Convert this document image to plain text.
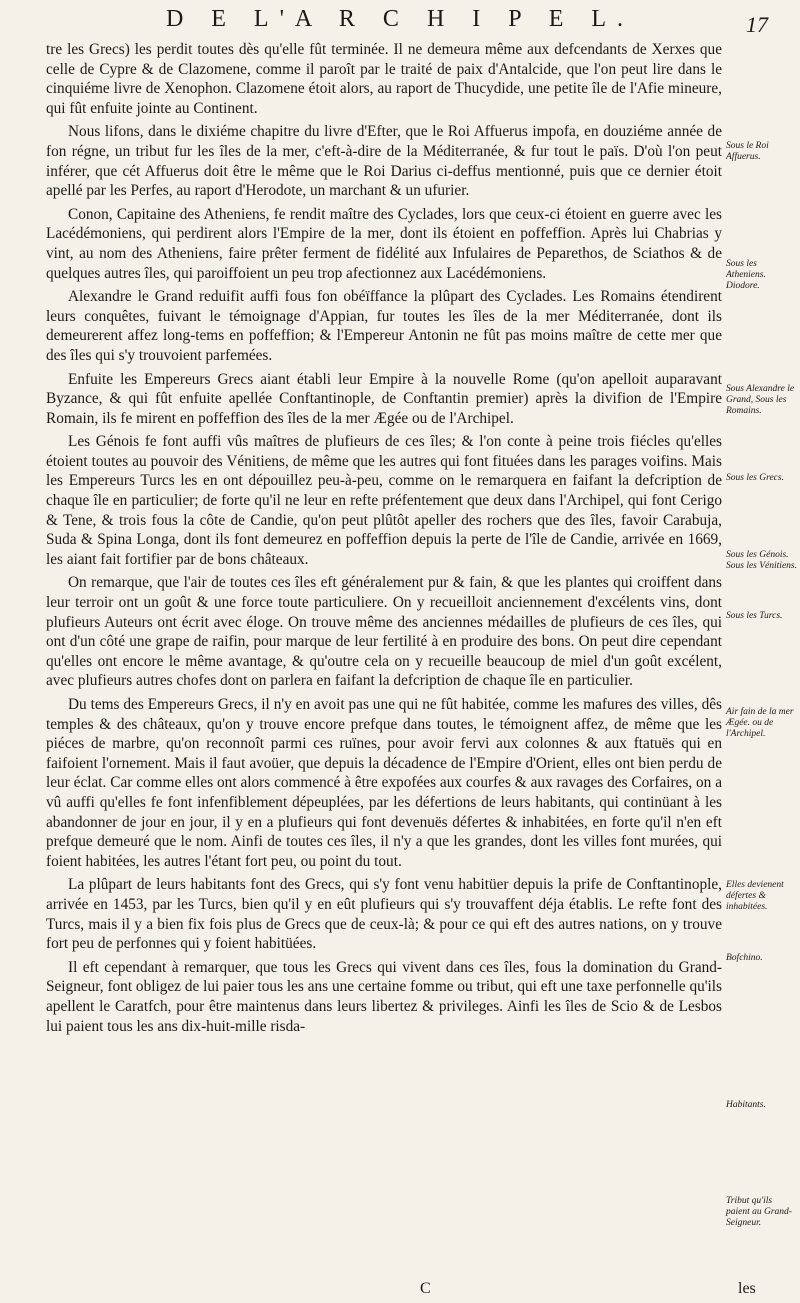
D E L'A R C H I P E L.	17

tre les Grecs) les perdit toutes dès qu'elle fût terminée. Il ne demeura même aux defcendants de Xerxes que celle de Cypre & de Clazomene, comme il paroît par le traité de paix d'Antalcide, que l'on peut lire dans le cinquiéme livre de Xenophon. Clazomene étoit alors, au raport de Thucydide, une petite île de l'Afie mineure, qui fût enfuite jointe au Continent.

Nous lifons, dans le dixiéme chapitre du livre d'Efter, que le Roi Affuerus impofa, en douziéme année de fon régne, un tribut fur les îles de la mer, c'eft-à-dire de la Méditerranée, & fur tout le païs. D'où l'on peut inférer, que cét Affuerus doit être le même que le Roi Darius ci-deffus mentionné, puis que ce dernier étoit apellé par les Perfes, au raport d'Herodote, un marchant & un ufurier.

Conon, Capitaine des Atheniens, fe rendit maître des Cyclades, lors que ceux-ci étoient en guerre avec les Lacédémoniens, qui perdirent alors l'Empire de la mer, dont ils étoient en poffeffion. Après lui Chabrias y vint, au nom des Atheniens, faire prêter ferment de fidélité aux Infulaires de Peparethos, de Sciathos & de quelques autres îles, qui paroiffoient un peu trop afectionnez aux Lacédémoniens.

Alexandre le Grand reduifit auffi fous fon obéïffance la plûpart des Cyclades. Les Romains étendirent leurs conquêtes, fuivant le témoignage d'Appian, fur toutes les îles de la mer Méditerranée, dont ils demeurerent affez long-tems en poffeffion; & l'Empereur Antonin ne fût pas moins maître de cette mer que des îles qui s'y trouvoient parfemées.

Enfuite les Empereurs Grecs aiant établi leur Empire à la nouvelle Rome (qu'on apelloit auparavant Byzance, & qui fût enfuite apellée Conftantinople, de Conftantin premier) après la divifion de l'Empire Romain, ils fe mirent en poffeffion des îles de la mer Ægée ou de l'Archipel.

Les Génois fe font auffi vûs maîtres de plufieurs de ces îles; & l'on conte à peine trois fiécles qu'elles étoient toutes au pouvoir des Vénitiens, de même que les autres qui font fituées dans les parages voifins. Mais les Empereurs Turcs les en ont dépouillez peu-à-peu, comme on le remarquera en faifant la defcription de chaque île en particulier; de forte qu'il ne leur en refte préfentement que deux dans l'Archipel, qui font Cerigo & Tene, & trois fous la côte de Candie, qu'on peut plûtôt apeller des rochers que des îles, favoir Carabuja, Suda & Spina Longa, dont ils font demeurez en poffeffion depuis la perte de l'île de Candie, arrivée en 1669, les aiant fait fortifier par de bons châteaux.

On remarque, que l'air de toutes ces îles eft généralement pur & fain, & que les plantes qui croiffent dans leur terroir ont un goût & une force toute particuliere. On y recueilloit anciennement d'excélents vins, dont plufieurs Auteurs ont écrit avec éloge. On trouve même des anciennes médailles de plufieurs de ces îles, qui ont d'un côté une grape de raifin, pour marque de leur fertilité à en produire des bons. On peut dire cependant qu'elles ont encore le même avantage, & qu'outre cela on y recueille beaucoup de miel d'un goût excélent, avec plufieurs autres chofes dont on parlera en faifant la defcription de chaque île en particulier.

Du tems des Empereurs Grecs, il n'y en avoit pas une qui ne fût habitée, comme les mafures des villes, dês temples & des châteaux, qu'on y trouve encore prefque dans toutes, le témoignent affez, de même que les piéces de marbre, qu'on reconnoît parmi ces ruïnes, pour avoir fervi aux colonnes & aux ftatuës qui en faifoient l'ornement. Mais il faut avoüer, que depuis la décadence de l'Empire d'Orient, elles ont bien perdu de leur éclat. Car comme elles ont alors commencé à être expofées aux courfes & aux ravages des Corfaires, on a vû auffi qu'elles fe font infenfiblement dépeuplées, par les défertions de leurs habitants, qui continüant à les abandonner de jour en jour, il y en a plufieurs qui font devenuës défertes & inhabitées, en forte qu'il n'en eft prefque demeuré que le nom. Ainfi de toutes ces îles, il n'y a que les grandes, dont les villes font murées, qui foient habitées, les autres l'étant fort peu, ou point du tout.

La plûpart de leurs habitants font des Grecs, qui s'y font venu habitüer depuis la prife de Conftantinople, arrivée en 1453, par les Turcs, bien qu'il y en eût plufieurs qui s'y trouvaffent déja établis. Le refte font des Turcs, mais il y a bien fix fois plus de Grecs que de ceux-là; & pour ce qui eft des autres nations, on y trouve fort peu de perfonnes qui y foient habitüées.

Il eft cependant à remarquer, que tous les Grecs qui vivent dans ces îles, fous la domination du Grand-Seigneur, font obligez de lui paier tous les ans une certaine fomme ou tribut, qui eft une taxe perfonnelle qu'ils apellent le Caratfch, pour être maintenus dans leurs libertez & privileges. Ainfi les îles de Scio & de Lesbos lui paient tous les ans dix-huit-mille risda-

Sous le Roi Affuerus.
Sous les Atheniens. Diodore.
Sous Alexandre le Grand, Sous les Romains.
Sous les Grecs.
Sous les Génois. Sous les Vénitiens.
Sous les Turcs.
Air fain de la mer Ægée. ou de l'Archipel.
Elles devienent défertes & inhabitées.
Bofchino.
Habitants.
Tribut qu'ils paient au Grand-Seigneur.
C	les
